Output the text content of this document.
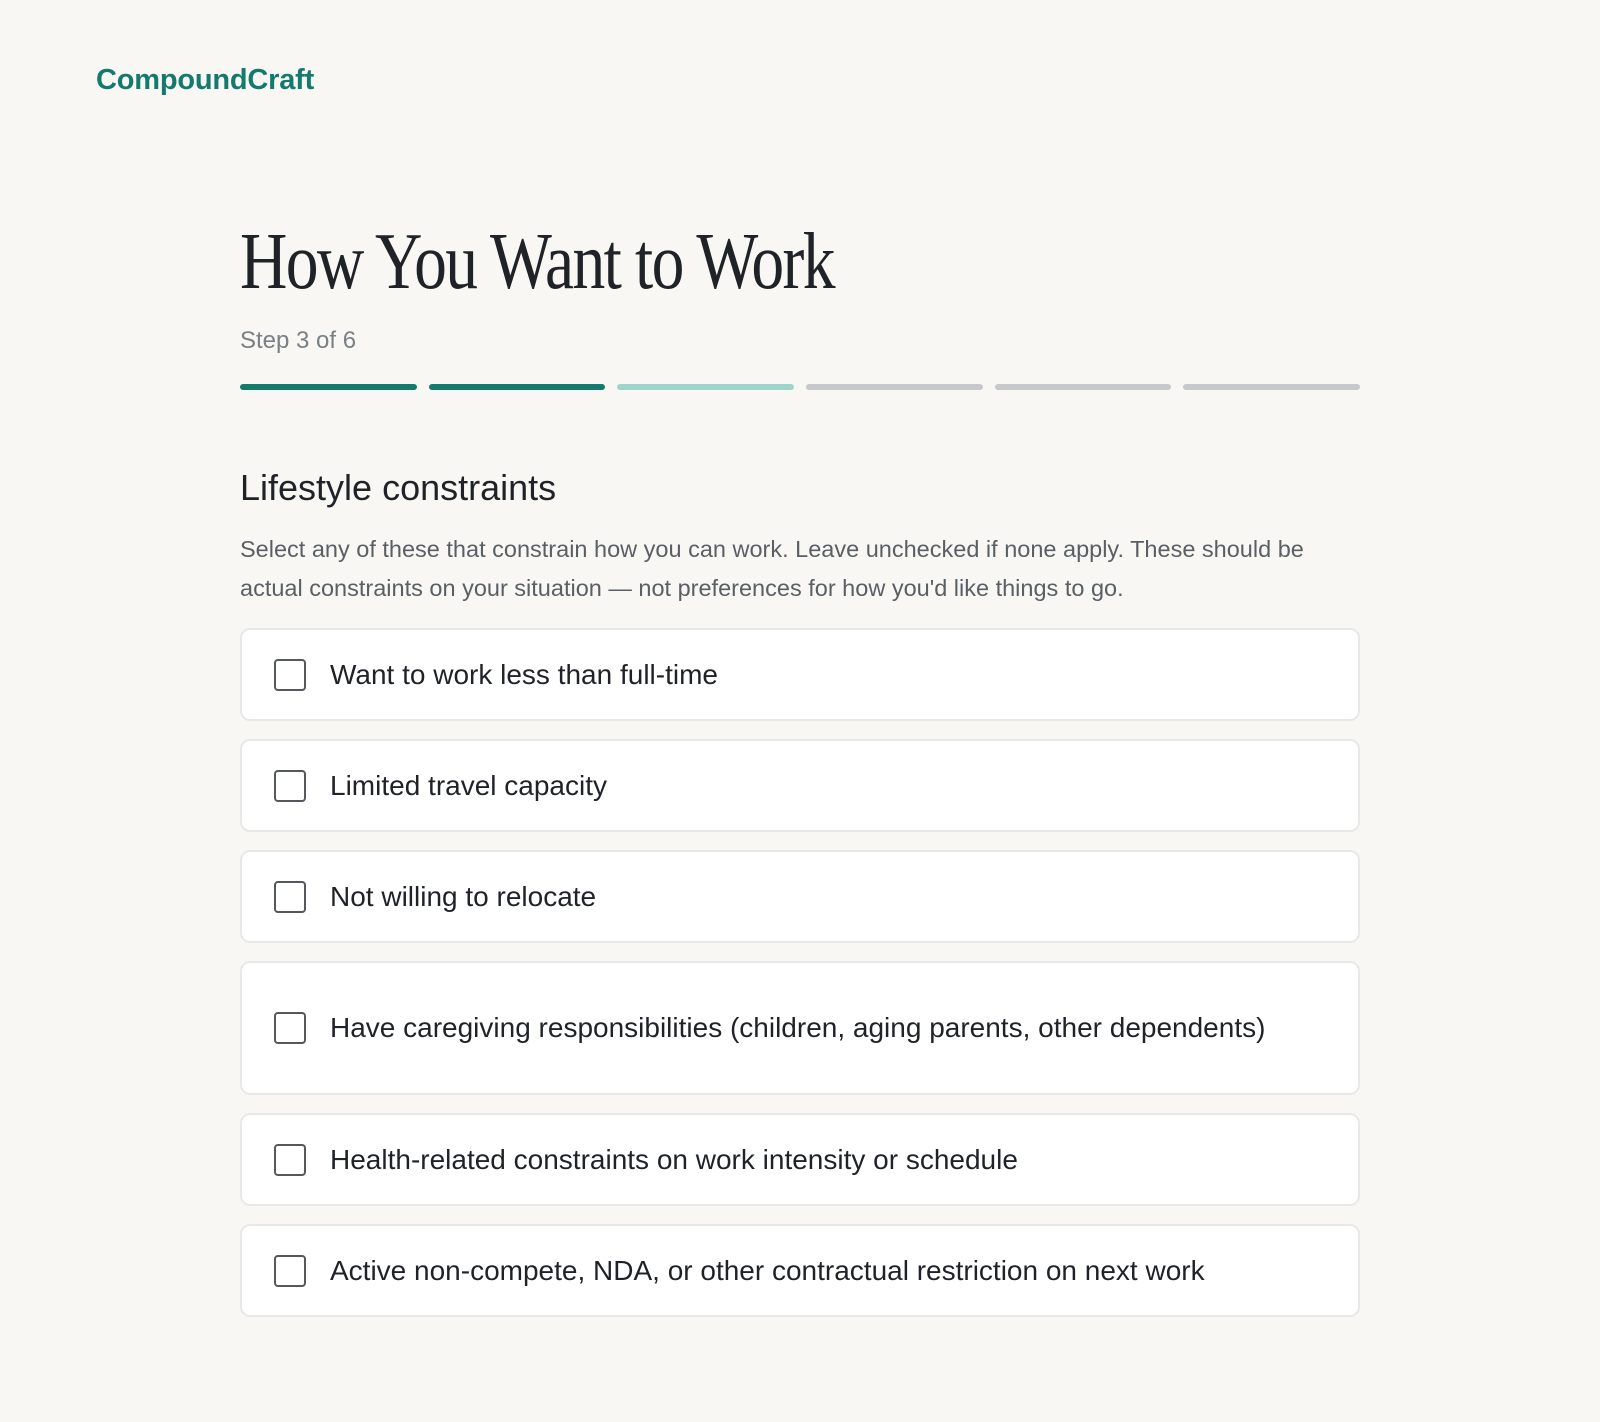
CompoundCraft
How You Want to Work
Step 3 of 6
Lifestyle constraints

Select any of these that constrain how you can work. Leave unchecked if none apply. These should be actual constraints on your situation — not preferences for how you'd like things to go.

Want to work less than full-time
Limited travel capacity
Not willing to relocate
Have caregiving responsibilities (children, aging parents, other dependents)
Health-related constraints on work intensity or schedule
Active non-compete, NDA, or other contractual restriction on next work
